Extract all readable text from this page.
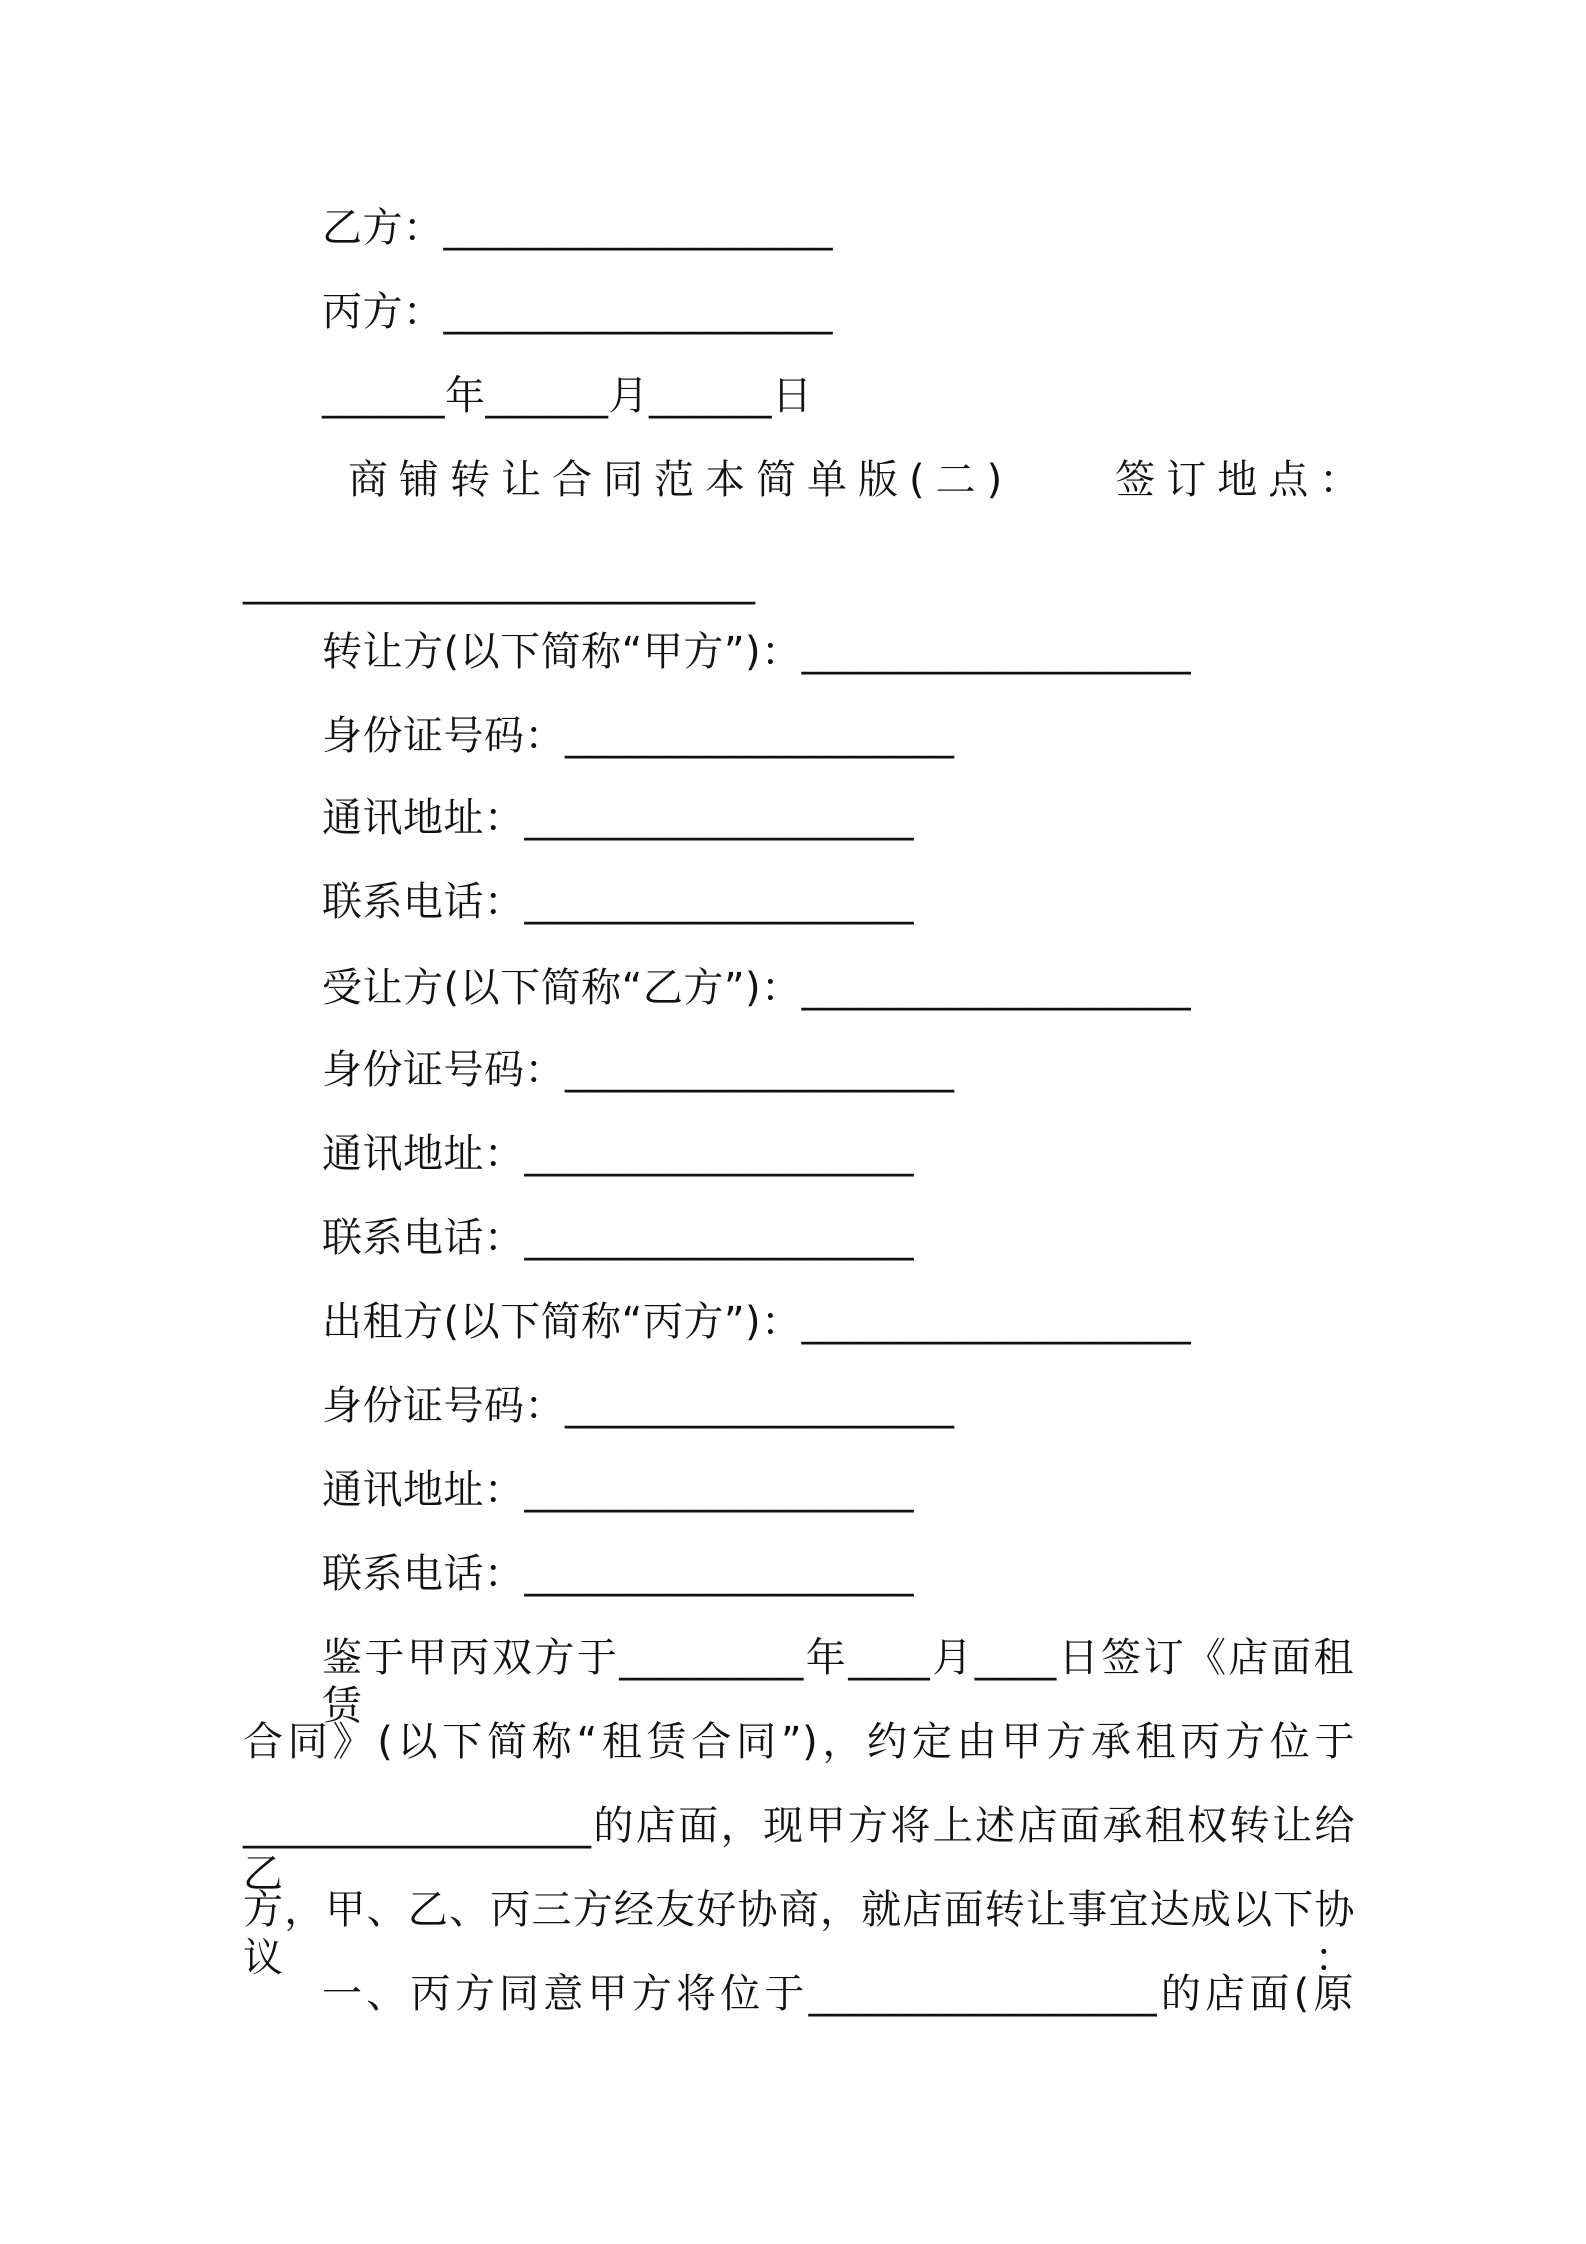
乙方：___________________
丙方：___________________
______年______月______日
商铺转让合同范本简单版(二)　　签订地点：
_________________________
转让方(以下简称“甲方”)：___________________
身份证号码：___________________
通讯地址：___________________
联系电话：___________________
受让方(以下简称“乙方”)：___________________
身份证号码：___________________
通讯地址：___________________
联系电话：___________________
出租方(以下简称“丙方”)：___________________
身份证号码：___________________
通讯地址：___________________
联系电话：___________________
鉴于甲丙双方于_________年____月____日签订《店面租赁
合同》(以下简称“租赁合同”)，约定由甲方承租丙方位于
_________________的店面，现甲方将上述店面承租权转让给乙
方，甲、乙、丙三方经友好协商，就店面转让事宜达成以下协议：
一、丙方同意甲方将位于_________________的店面(原
